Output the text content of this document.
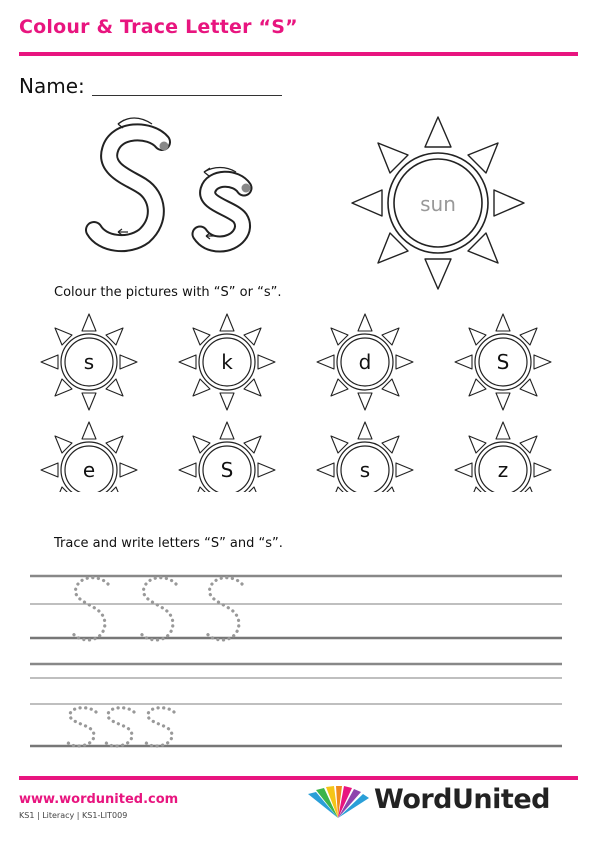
Colour & Trace Letter “S”
Name:
sun
Colour the pictures with “S” or “s”.
s	k	d	S
e	S	s	z
Trace and write letters “S” and “s”.
www.wordunited.com
KS1 | Literacy | KS1-LIT009
WordUnited
